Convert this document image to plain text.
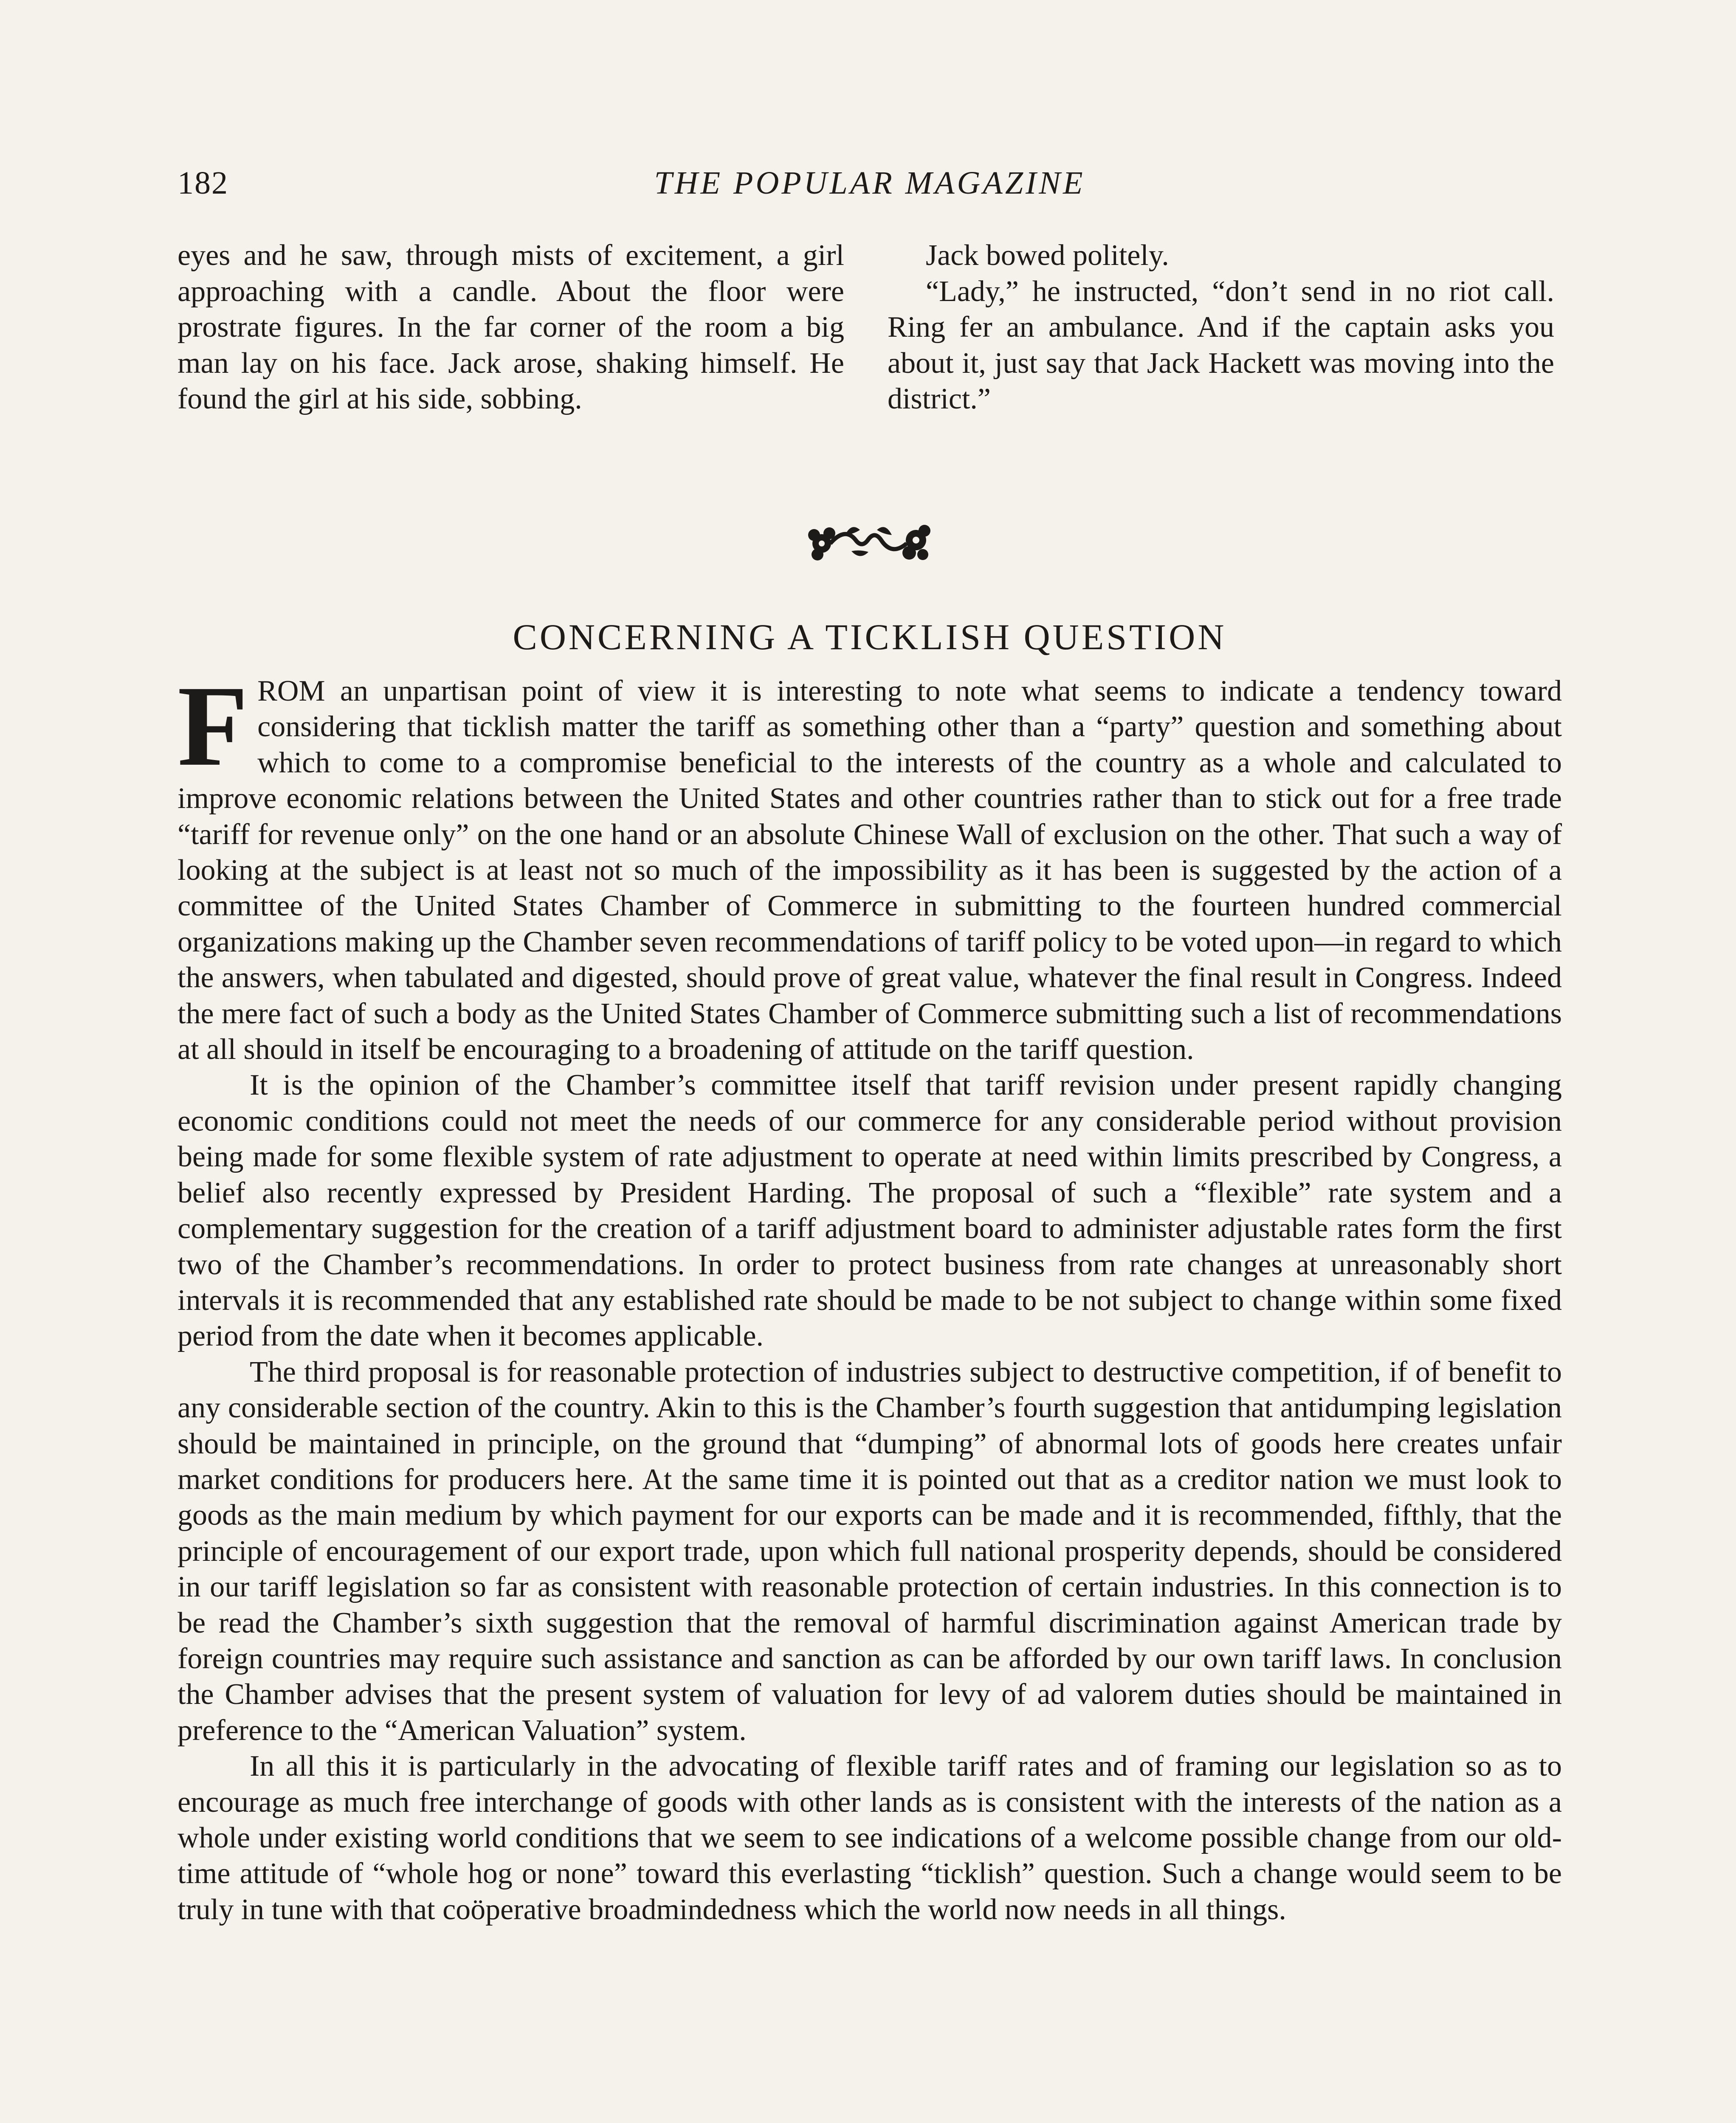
182	THE POPULAR MAGAZINE

eyes and he saw, through mists of excitement, a girl approaching with a candle. About the floor were prostrate figures. In the far corner of the room a big man lay on his face. Jack arose, shaking himself. He found the girl at his side, sobbing.

Jack bowed politely.

“Lady,” he instructed, “don’t send in no riot call. Ring fer an ambulance. And if the captain asks you about it, just say that Jack Hackett was moving into the district.”

CONCERNING A TICKLISH QUESTION

FROM an unpartisan point of view it is interesting to note what seems to indicate a tendency toward considering that ticklish matter the tariff as something other than a “party” question and something about which to come to a compromise beneficial to the interests of the country as a whole and calculated to improve economic relations between the United States and other countries rather than to stick out for a free trade “tariff for revenue only” on the one hand or an absolute Chinese Wall of exclusion on the other. That such a way of looking at the subject is at least not so much of the impossibility as it has been is suggested by the action of a committee of the United States Chamber of Commerce in submitting to the fourteen hundred commercial organizations making up the Chamber seven recommendations of tariff policy to be voted upon—in regard to which the answers, when tabulated and digested, should prove of great value, whatever the final result in Congress. Indeed the mere fact of such a body as the United States Chamber of Commerce submitting such a list of recommendations at all should in itself be encouraging to a broadening of attitude on the tariff question.

It is the opinion of the Chamber’s committee itself that tariff revision under present rapidly changing economic conditions could not meet the needs of our commerce for any considerable period without provision being made for some flexible system of rate adjustment to operate at need within limits prescribed by Congress, a belief also recently expressed by President Harding. The proposal of such a “flexible” rate system and a complementary suggestion for the creation of a tariff adjustment board to administer adjustable rates form the first two of the Chamber’s recommendations. In order to protect business from rate changes at unreasonably short intervals it is recommended that any established rate should be made to be not subject to change within some fixed period from the date when it becomes applicable.

The third proposal is for reasonable protection of industries subject to destructive competition, if of benefit to any considerable section of the country. Akin to this is the Chamber’s fourth suggestion that antidumping legislation should be maintained in principle, on the ground that “dumping” of abnormal lots of goods here creates unfair market conditions for producers here. At the same time it is pointed out that as a creditor nation we must look to goods as the main medium by which payment for our exports can be made and it is recommended, fifthly, that the principle of encouragement of our export trade, upon which full national prosperity depends, should be considered in our tariff legislation so far as consistent with reasonable protection of certain industries. In this connection is to be read the Chamber’s sixth suggestion that the removal of harmful discrimination against American trade by foreign countries may require such assistance and sanction as can be afforded by our own tariff laws. In conclusion the Chamber advises that the present system of valuation for levy of ad valorem duties should be maintained in preference to the “American Valuation” system.

In all this it is particularly in the advocating of flexible tariff rates and of framing our legislation so as to encourage as much free interchange of goods with other lands as is consistent with the interests of the nation as a whole under existing world conditions that we seem to see indications of a welcome possible change from our old-time attitude of “whole hog or none” toward this everlasting “ticklish” question. Such a change would seem to be truly in tune with that coöperative broadmindedness which the world now needs in all things.
